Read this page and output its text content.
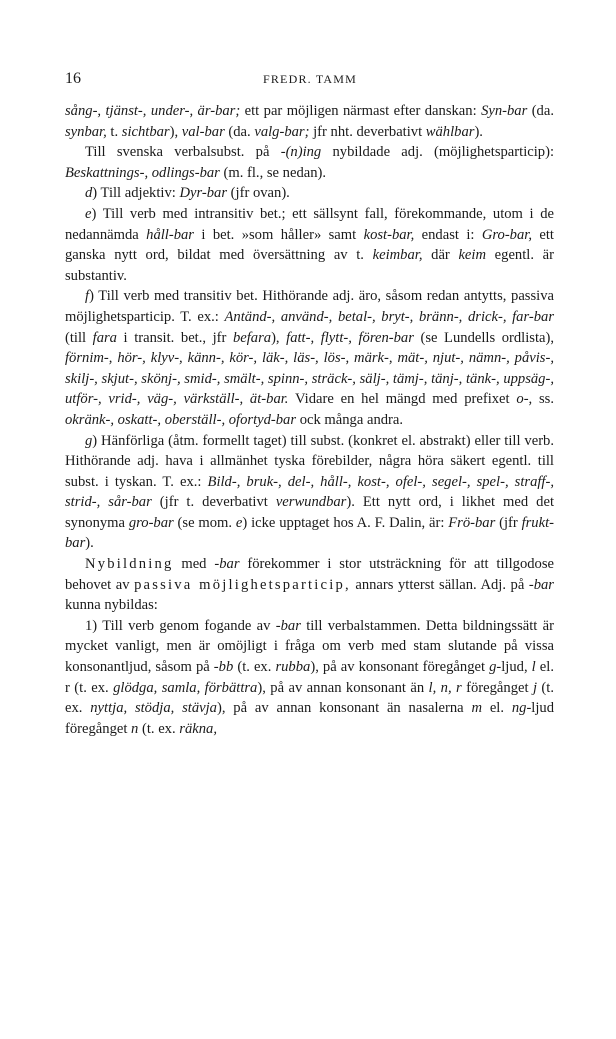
16	FREDR. TAMM

sång-, tjänst-, under-, är-bar; ett par möjligen närmast efter danskan: Syn-bar (da. synbar, t. sichtbar), val-bar (da. valg-bar; jfr nht. deverbativt wählbar).

Till svenska verbalsubst. på -(n)ing nybildade adj. (möjlighetsparticip): Beskattnings-, odlings-bar (m. fl., se nedan).

d) Till adjektiv: Dyr-bar (jfr ovan).

e) Till verb med intransitiv bet.; ett sällsynt fall, förekommande, utom i de nedannämda håll-bar i bet. »som håller» samt kost-bar, endast i: Gro-bar, ett ganska nytt ord, bildat med översättning av t. keimbar, där keim egentl. är substantiv.

f) Till verb med transitiv bet. Hithörande adj. äro, såsom redan antytts, passiva möjlighetsparticip. T. ex.: Antänd-, använd-, betal-, bryt-, bränn-, drick-, far-bar (till fara i transit. bet., jfr befara), fatt-, flytt-, fören-bar (se Lundells ordlista), förnim-, hör-, klyv-, känn-, kör-, läk-, läs-, lös-, märk-, mät-, njut-, nämn-, påvis-, skilj-, skjut-, skönj-, smid-, smält-, spinn-, sträck-, sälj-, tämj-, tänj-, tänk-, uppsäg-, utför-, vrid-, väg-, värkställ-, ät-bar. Vidare en hel mängd med prefixet o-, ss. okränk-, oskatt-, oberställ-, ofortyd-bar ock många andra.

g) Hänförliga (åtm. formellt taget) till subst. (konkret el. abstrakt) eller till verb. Hithörande adj. hava i allmänhet tyska förebilder, några höra säkert egentl. till subst. i tyskan. T. ex.: Bild-, bruk-, del-, håll-, kost-, ofel-, segel-, spel-, straff-, strid-, sår-bar (jfr t. deverbativt verwundbar). Ett nytt ord, i likhet med det synonyma gro-bar (se mom. e) icke upptaget hos A. F. Dalin, är: Frö-bar (jfr frukt-bar).

Nybildning med -bar förekommer i stor utsträckning för att tillgodose behovet av passiva möjlighetsparticip, annars ytterst sällan. Adj. på -bar kunna nybildas:

1) Till verb genom fogande av -bar till verbalstammen. Detta bildningssätt är mycket vanligt, men är omöjligt i fråga om verb med stam slutande på vissa konsonantljud, såsom på -bb (t. ex. rubba), på av konsonant föregånget g-ljud, l el. r (t. ex. glödga, samla, förbättra), på av annan konsonant än l, n, r föregånget j (t. ex. nyttja, stödja, stävja), på av annan konsonant än nasalerna m el. ng-ljud föregånget n (t. ex. räkna,
